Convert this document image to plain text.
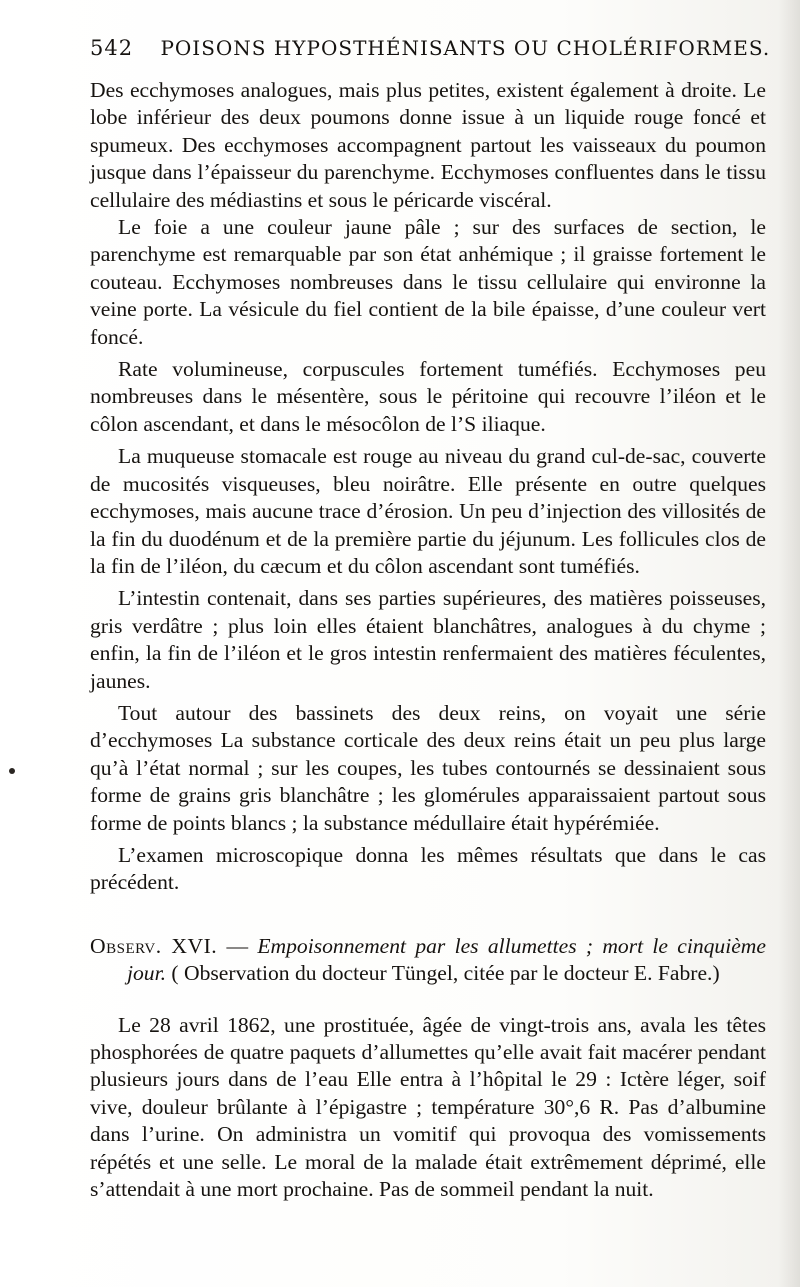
542 POISONS HYPOSTHÉNISANTS OU CHOLÉRIFORMES.

Des ecchymoses analogues, mais plus petites, existent également à droite. Le lobe inférieur des deux poumons donne issue à un liquide rouge foncé et spumeux. Des ecchymoses accompagnent partout les vaisseaux du poumon jusque dans l’épaisseur du parenchyme. Ecchymoses confluentes dans le tissu cellulaire des médiastins et sous le péricarde viscéral.

Le foie a une couleur jaune pâle ; sur des surfaces de section, le parenchyme est remarquable par son état anhémique ; il graisse fortement le couteau. Ecchymoses nombreuses dans le tissu cellulaire qui environne la veine porte. La vésicule du fiel contient de la bile épaisse, d’une couleur vert foncé.

Rate volumineuse, corpuscules fortement tuméfiés. Ecchymoses peu nombreuses dans le mésentère, sous le péritoine qui recouvre l’iléon et le côlon ascendant, et dans le mésocôlon de l’S iliaque.

La muqueuse stomacale est rouge au niveau du grand cul-de-sac, couverte de mucosités visqueuses, bleu noirâtre. Elle présente en outre quelques ecchymoses, mais aucune trace d’érosion. Un peu d’injection des villosités de la fin du duodénum et de la première partie du jéjunum. Les follicules clos de la fin de l’iléon, du cæcum et du côlon ascendant sont tuméfiés.

L’intestin contenait, dans ses parties supérieures, des matières poisseuses, gris verdâtre ; plus loin elles étaient blanchâtres, analogues à du chyme ; enfin, la fin de l’iléon et le gros intestin renfermaient des matières féculentes, jaunes.

Tout autour des bassinets des deux reins, on voyait une série d’ecchymoses La substance corticale des deux reins était un peu plus large qu’à l’état normal ; sur les coupes, les tubes contournés se dessinaient sous forme de grains gris blanchâtre ; les glomérules apparaissaient partout sous forme de points blancs ; la substance médullaire était hypérémiée.

L’examen microscopique donna les mêmes résultats que dans le cas précédent.

Observ. XVI. — Empoisonnement par les allumettes ; mort le cinquième jour. ( Observation du docteur Tüngel, citée par le docteur E. Fabre.)

Le 28 avril 1862, une prostituée, âgée de vingt-trois ans, avala les têtes phosphorées de quatre paquets d’allumettes qu’elle avait fait macérer pendant plusieurs jours dans de l’eau Elle entra à l’hôpital le 29 : Ictère léger, soif vive, douleur brûlante à l’épigastre ; température 30°,6 R. Pas d’albumine dans l’urine. On administra un vomitif qui provoqua des vomissements répétés et une selle. Le moral de la malade était extrêmement déprimé, elle s’attendait à une mort prochaine. Pas de sommeil pendant la nuit.
